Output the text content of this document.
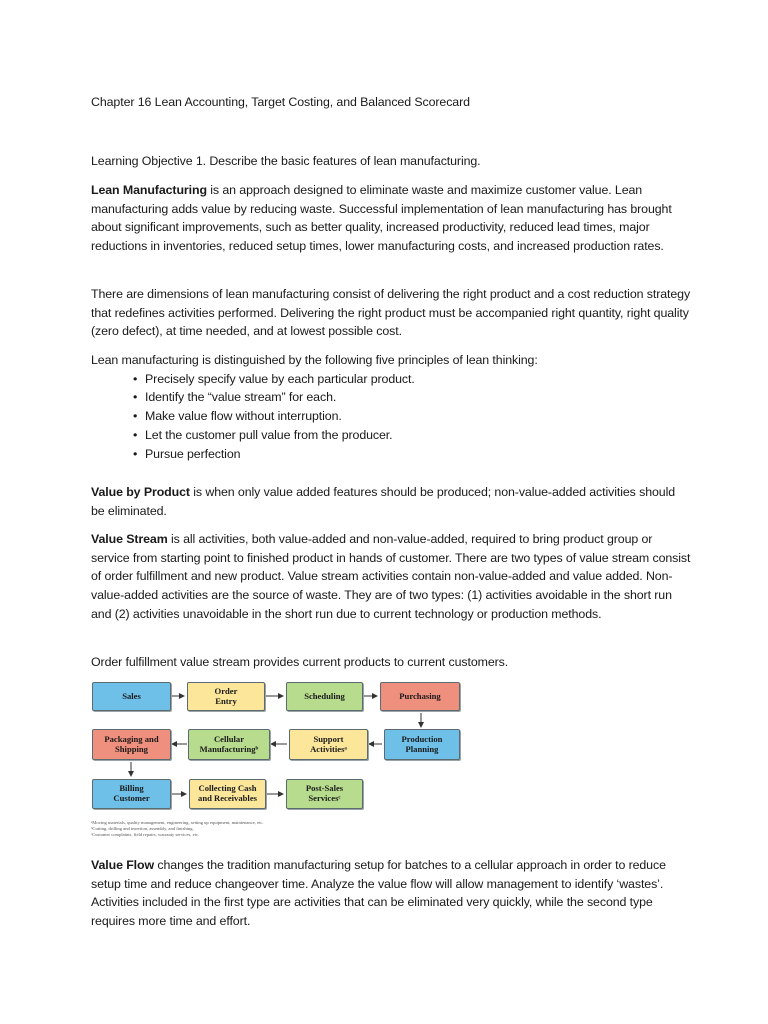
Chapter 16 Lean Accounting, Target Costing, and Balanced Scorecard

Learning Objective 1. Describe the basic features of lean manufacturing.

Lean Manufacturing is an approach designed to eliminate waste and maximize customer value. Lean manufacturing adds value by reducing waste. Successful implementation of lean manufacturing has brought about significant improvements, such as better quality, increased productivity, reduced lead times, major reductions in inventories, reduced setup times, lower manufacturing costs, and increased production rates.

There are dimensions of lean manufacturing consist of delivering the right product and a cost reduction strategy that redefines activities performed. Delivering the right product must be accompanied right quantity, right quality (zero defect), at time needed, and at lowest possible cost.

Lean manufacturing is distinguished by the following five principles of lean thinking:

• Precisely specify value by each particular product.
• Identify the “value stream” for each.
• Make value flow without interruption.
• Let the customer pull value from the producer.
• Pursue perfection

Value by Product is when only value added features should be produced; non-value-added activities should be eliminated.

Value Stream is all activities, both value-added and non-value-added, required to bring product group or service from starting point to finished product in hands of customer. There are two types of value stream consist of order fulfillment and new product. Value stream activities contain non-value-added and value added. Non-value-added activities are the source of waste. They are of two types: (1) activities avoidable in the short run and (2) activities unavoidable in the short run due to current technology or production methods.

Order fulfillment value stream provides current products to current customers.

Sales	Order
Entry	Scheduling	Purchasing
Packaging and
Shipping
Cellular
Manufacturingᵇ
Support
Activitiesᵃ
Production
Planning
Billing
Customer
Collecting Cash
and Receivables
Post-Sales
Servicesᶜ

ᵃMoving materials, quality management, engineering, setting up equipment, maintenance, etc.

ᵇCutting, drilling and insertion, assembly, and finishing.

ᶜCustomer complaints, field repairs, warranty services, etc.

Value Flow changes the tradition manufacturing setup for batches to a cellular approach in order to reduce setup time and reduce changeover time. Analyze the value flow will allow management to identify ‘wastes’. Activities included in the first type are activities that can be eliminated very quickly, while the second type requires more time and effort.
